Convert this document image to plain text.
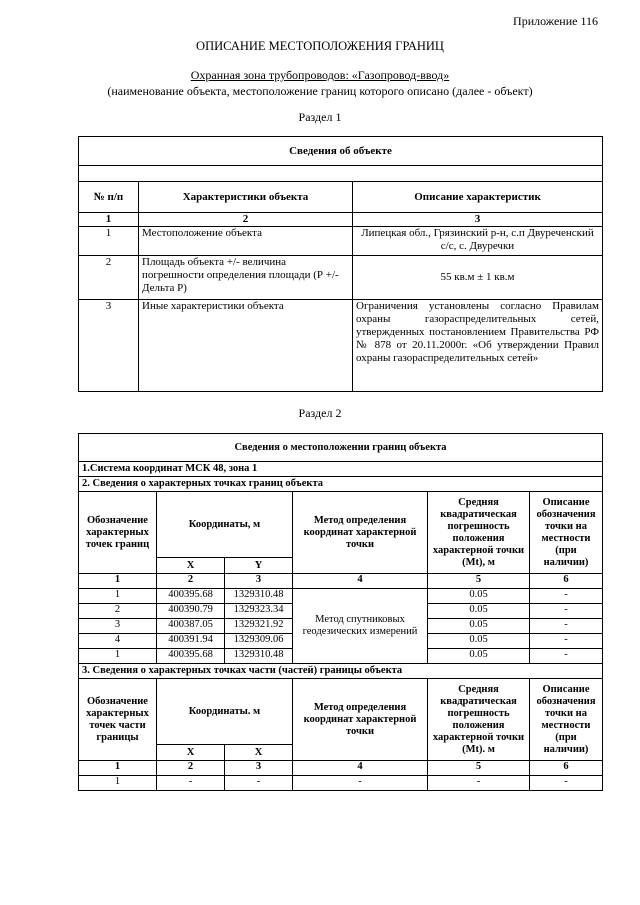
Приложение 116
ОПИСАНИЕ МЕСТОПОЛОЖЕНИЯ ГРАНИЦ
Охранная зона трубопроводов: «Газопровод-ввод»
(наименование объекта, местоположение границ которого описано (далее - объект)
Раздел 1
Сведения об объекте		

№ п/п	Характеристики объекта	Описание характеристик
1	2	3
1	Местоположение объекта	Липецкая обл., Грязинский р-н, с.п Двуреченский с/с, с. Двуречки
2	Площадь объекта +/- величина погрешности определения площади (Р +/- Дельта Р)	55 кв.м ± 1 кв.м
3	Иные характеристики объекта	Ограничения установлены согласно Правилам охраны газораспределительных сетей, утвержденных постановлением Правительства РФ № 878 от 20.11.2000г. «Об утверждении Правил охраны газораспределительных сетей»
Раздел 2
Сведения о местоположении границ объекта					
1.Система координат МСК 48, зона 1					
2. Сведения о характерных точках границ объекта					
Обозначение характерных точек границ	Координаты, м		Метод определения координат характерной точки	Средняя квадратическая погрешность положения характерной точки (Mt), м	Описание обозначения точки на местности (при наличии)
	X	Y			
1	2	3	4	5	6
1	400395.68	1329310.48	Метод спутниковых геодезических измерений	0.05	-
2	400390.79	1329323.34		0.05	-
3	400387.05	1329321.92		0.05	-
4	400391.94	1329309.06		0.05	-
1	400395.68	1329310.48		0.05	-
3. Сведения о характерных точках части (частей) границы объекта					
Обозначение характерных точек части границы	Координаты. м		Метод определения координат характерной точки	Средняя квадратическая погрешность положения характерной точки (Mt). м	Описание обозначения точки на местности (при наличии)
	X	X			
1	2	3	4	5	6
1	-	-	-	-	-
